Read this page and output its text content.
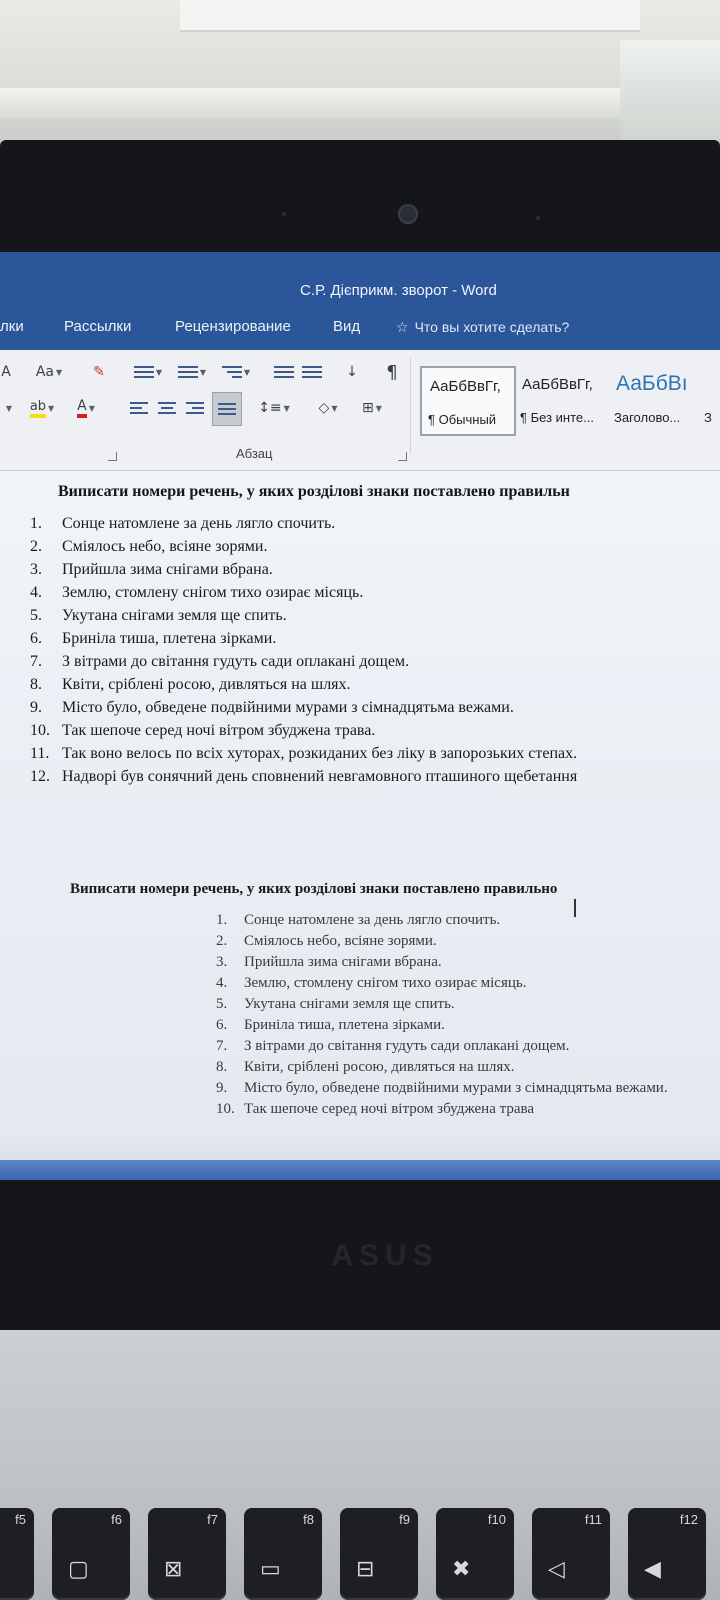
С.Р. Дієприкм. зворот - Word
лки	Рассылки	Рецензирование	Вид	☆ Что вы хотите сделать?
A Aa ▼	✎	▼	▼	▼	↓	¶
▼ ab ▼ A ▼	↕≡ ▼ ◇ ▼ ⊞ ▼
Абзац
АаБбВвГг,
¶ Обычный
АаБбВвГг,
¶ Без инте...
АаБбВı
Заголово... З
Виписати номери речень, у яких розділові знаки поставлено правильн
1.	Сонце натомлене за день лягло спочить.
2.	Сміялось небо, всіяне зорями.
3.	Прийшла зима снігами вбрана.
4.	Землю, стомлену снігом тихо озирає місяць.
5.	Укутана снігами земля ще спить.
6.	Бриніла тиша, плетена зірками.
7.	З вітрами до світання гудуть сади оплакані дощем.
8.	Квіти, сріблені росою, дивляться на шлях.
9.	Місто було, обведене подвійними мурами з сімнадцятьма вежами.
10. Так шепоче серед ночі вітром збуджена трава.
11. Так воно велось по всіх хуторах, розкиданих без ліку в запорозьких степах.
12. Надворі був сонячний день сповнений невгамовного пташиного щебетання
Виписати номери речень, у яких розділові знаки поставлено правильно
1.	Сонце натомлене за день лягло спочить.
2.	Сміялось небо, всіяне зорями.
3.	Прийшла зима снігами вбрана.
4.	Землю, стомлену снігом тихо озирає місяць.
5.	Укутана снігами земля ще спить.
6.	Бриніла тиша, плетена зірками.
7.	З вітрами до світання гудуть сади оплакані дощем.
8.	Квіти, сріблені росою, дивляться на шлях.
9.	Місто було, обведене подвійними мурами з сімнадцятьма вежами.
10. Так шепоче серед ночі вітром збуджена трава
ASUS
f5	f6
▢
f7
⊠
f8
▭
f9
⊟
f10
✖
f11
◁
f12
◀
